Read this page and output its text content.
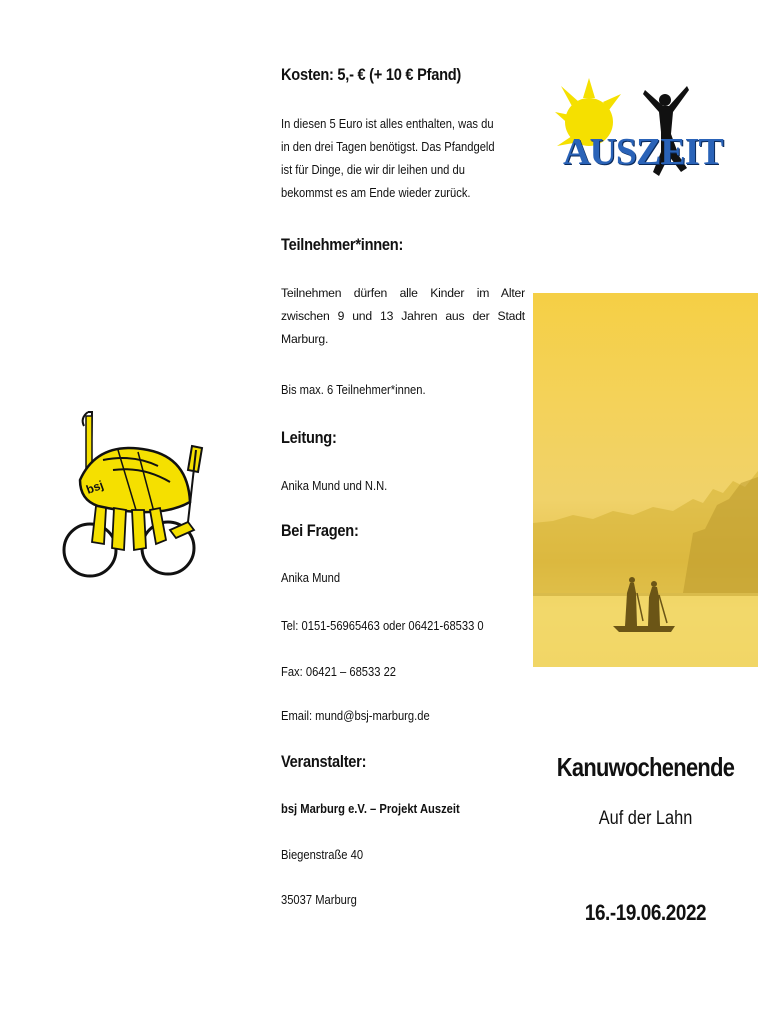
bsj
Kosten: 5,- € (+ 10 € Pfand)
In diesen 5 Euro ist alles enthalten, was du
in den drei Tagen benötigst. Das Pfandgeld
ist für Dinge, die wir dir leihen und du
bekommst es am Ende wieder zurück.
Teilnehmer*innen:
Teilnehmen dürfen alle Kinder im Alter zwischen 9 und 13 Jahren aus der Stadt Marburg.
Bis max. 6 Teilnehmer*innen.
Leitung:
Anika Mund und N.N.
Bei Fragen:
Anika Mund
Tel: 0151-56965463 oder 06421-68533 0
Fax: 06421 – 68533 22
Email: mund@bsj-marburg.de
Veranstalter:
bsj Marburg e.V. – Projekt Auszeit
Biegenstraße 40
35037 Marburg
AUSZEIT
Kanuwochenende
Auf der Lahn
16.-19.06.2022
